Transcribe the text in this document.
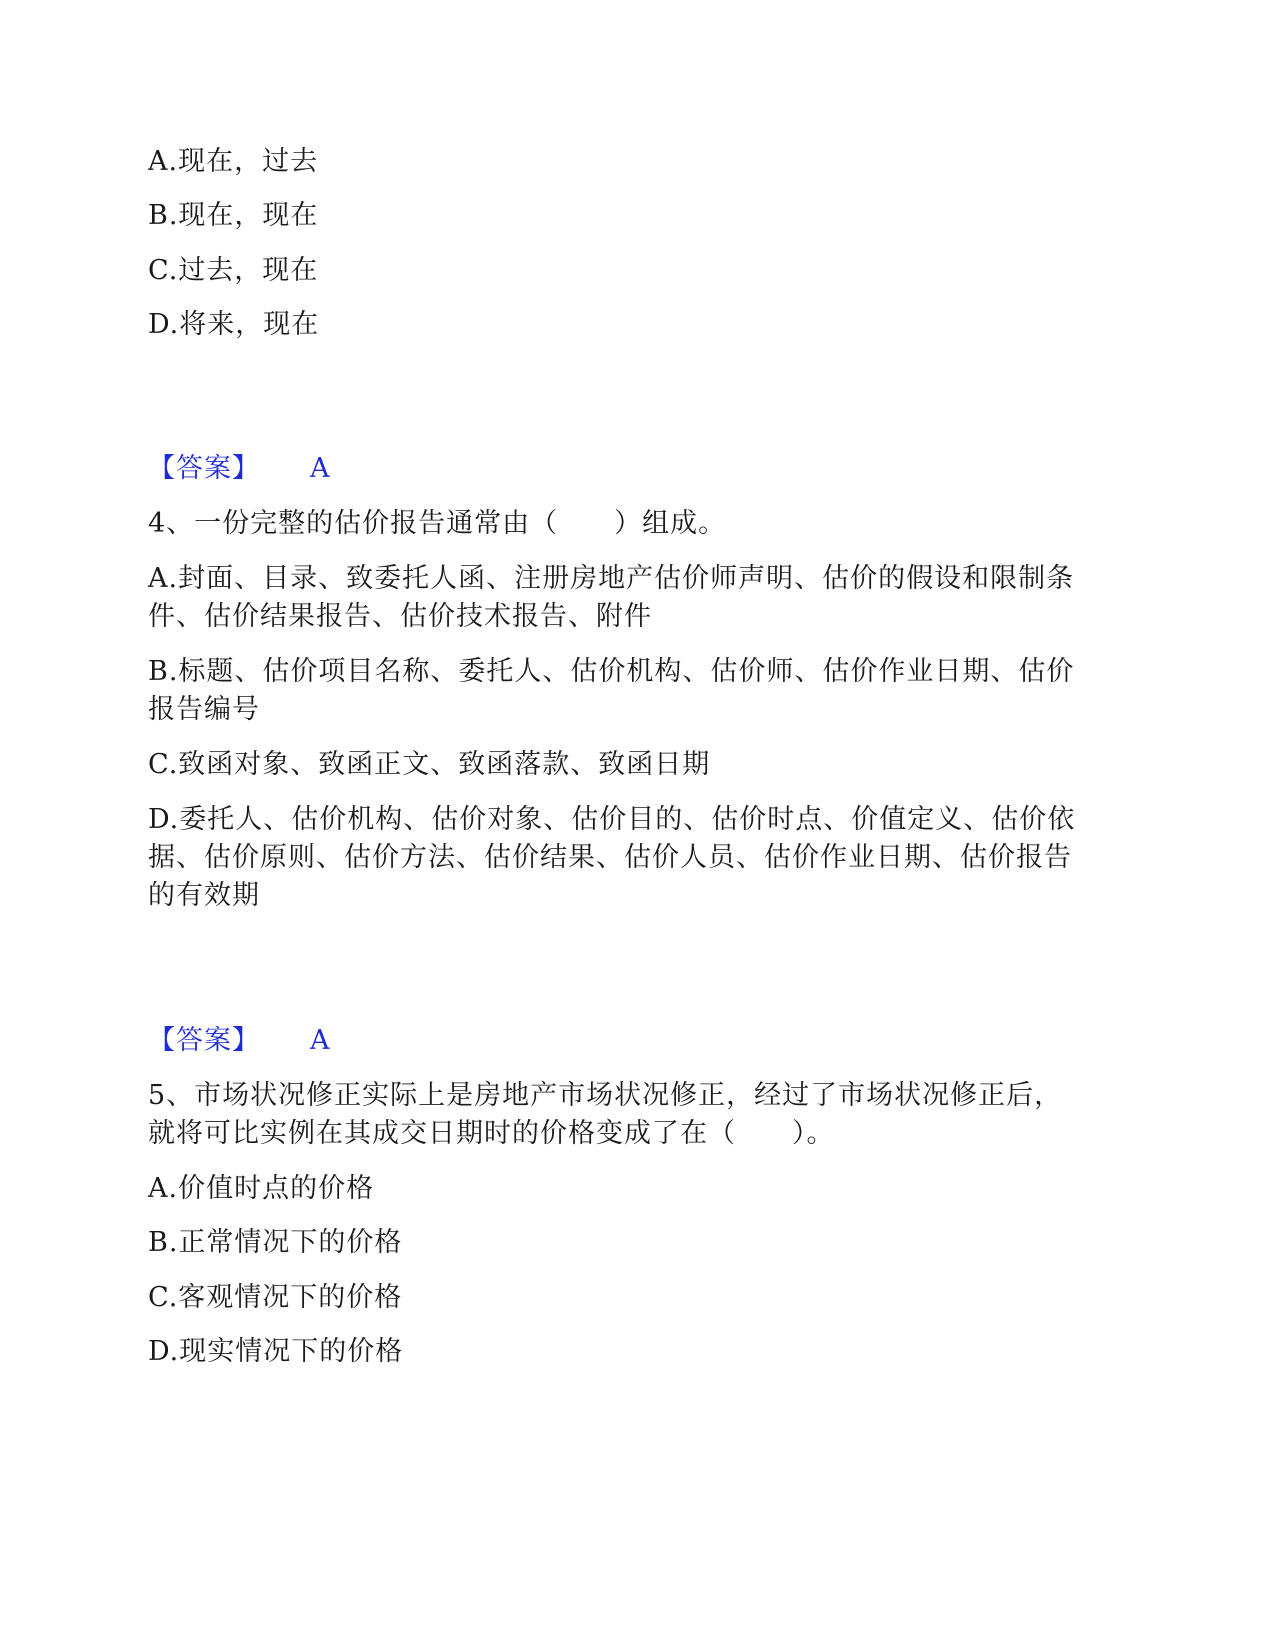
A.现在，过去
B.现在，现在
C.过去，现在
D.将来，现在
【答案】 A
4、一份完整的估价报告通常由（　　）组成。
A.封面、目录、致委托人函、注册房地产估价师声明、估价的假设和限制条
件、估价结果报告、估价技术报告、附件
B.标题、估价项目名称、委托人、估价机构、估价师、估价作业日期、估价
报告编号
C.致函对象、致函正文、致函落款、致函日期
D.委托人、估价机构、估价对象、估价目的、估价时点、价值定义、估价依
据、估价原则、估价方法、估价结果、估价人员、估价作业日期、估价报告
的有效期
【答案】 A
5、市场状况修正实际上是房地产市场状况修正，经过了市场状况修正后，
就将可比实例在其成交日期时的价格变成了在（　　）。
A.价值时点的价格
B.正常情况下的价格
C.客观情况下的价格
D.现实情况下的价格
